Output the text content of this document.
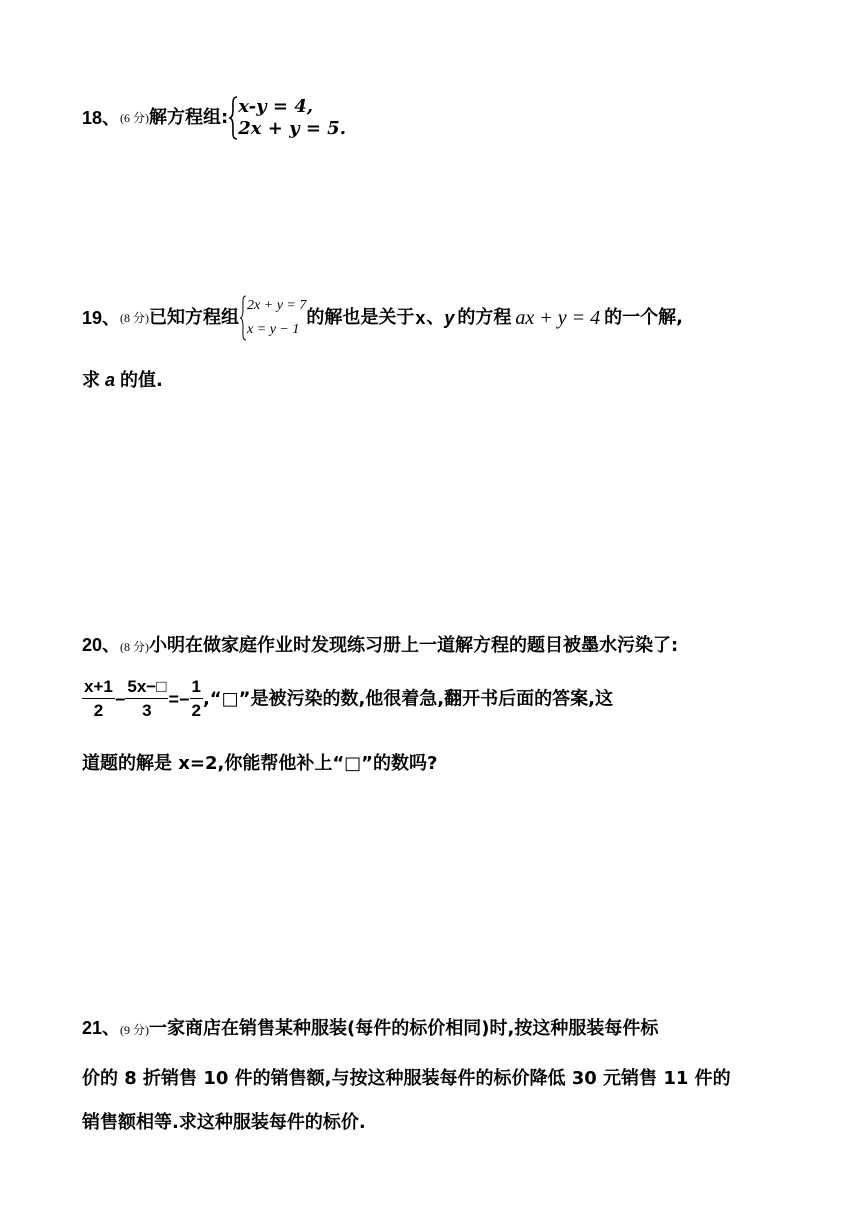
18、(6 分)解方程组:
x-y = 4,
2x + y = 5.
19、(8 分)已知方程组
2x + y = 7
x = y − 1
的解也是关于x、y 的方程 ax + y = 4 的一个解,
求 a 的值.
20、(8 分)小明在做家庭作业时发现练习册上一道解方程的题目被墨水污染了:
$\frac{x+1}{2} - \frac{5x-□}{3} =- \frac{1}{2}$ ,“□”是被污染的数,他很着急,翻开书后面的答案,这
道题的解是 x=2,你能帮他补上“□”的数吗?
21、(9 分)一家商店在销售某种服装(每件的标价相同)时,按这种服装每件标
价的 8 折销售 10 件的销售额,与按这种服装每件的标价降低 30 元销售 11 件的
销售额相等.求这种服装每件的标价.
